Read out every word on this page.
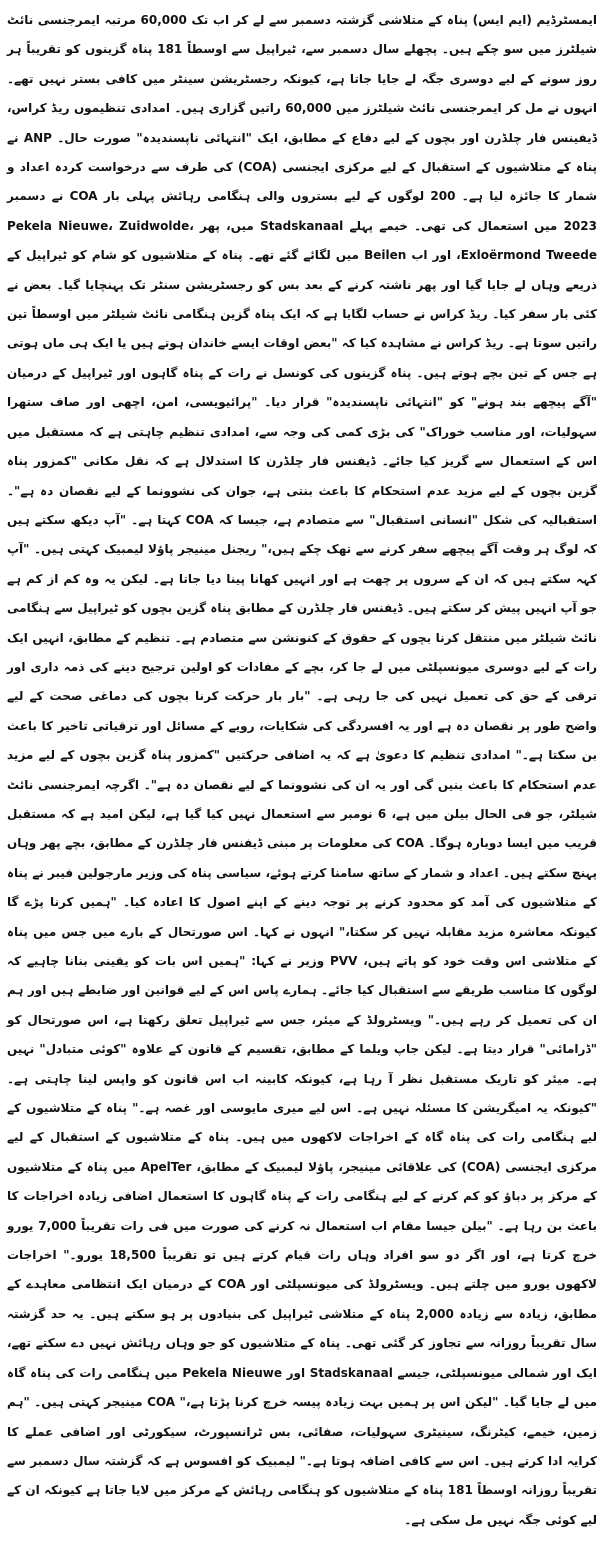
ایمسٹرڈیم (ایم ایس) پناہ کے متلاشی گزشتہ دسمبر سے لے کر اب تک 60,000 مرتبہ ایمرجنسی نائٹ شیلٹرز میں سو چکے ہیں۔ پچھلے سال دسمبر سے، ٹیراپیل سے اوسطاً 181 پناہ گزینوں کو تقریباً ہر روز سونے کے لیے دوسری جگہ لے جایا جاتا ہے، کیونکہ رجسٹریشن سینٹر میں کافی بستر نہیں تھے۔ انہوں نے مل کر ایمرجنسی نائٹ شیلٹرز میں 60,000 راتیں گزاری ہیں۔ امدادی تنظیموں ریڈ کراس، ڈیفینس فار چلڈرن اور بچوں کے لیے دفاع کے مطابق، ایک "انتہائی ناپسندیدہ" صورت حال۔ ANP نے پناہ کے متلاشیوں کے استقبال کے لیے مرکزی ایجنسی (COA) کی طرف سے درخواست کردہ اعداد و شمار کا جائزہ لیا ہے۔ 200 لوگوں کے لیے بستروں والی ہنگامی رہائش پہلی بار COA نے دسمبر 2023 میں استعمال کی تھی۔ خیمے پہلے Stadskanaal میں، پھر Pekela Nieuwe، Zuidwolde، Exloërmond Tweede، اور اب Beilen میں لگائے گئے تھے۔ پناہ کے متلاشیوں کو شام کو ٹیراپیل کے ذریعے وہاں لے جایا گیا اور پھر ناشتہ کرنے کے بعد بس کو رجسٹریشن سنٹر تک پہنچایا گیا۔ بعض نے کئی بار سفر کیا۔ ریڈ کراس نے حساب لگایا ہے کہ ایک پناہ گزین ہنگامی نائٹ شیلٹر میں اوسطاً تین راتیں سوتا ہے۔ ریڈ کراس نے مشاہدہ کیا کہ "بعض اوقات ایسے خاندان ہوتے ہیں یا ایک ہی ماں ہوتی ہے جس کے تین بچے ہوتے ہیں۔ پناہ گزینوں کی کونسل نے رات کے پناہ گاہوں اور ٹیراپیل کے درمیان "آگے پیچھے بند ہونے" کو "انتہائی ناپسندیدہ" قرار دیا۔ "پرائیویسی، امن، اچھی اور صاف ستھرا سہولیات، اور مناسب خوراک" کی بڑی کمی کی وجہ سے، امدادی تنظیم چاہتی ہے کہ مستقبل میں اس کے استعمال سے گریز کیا جائے۔ ڈیفنس فار چلڈرن کا استدلال ہے کہ نقل مکانی "کمزور پناہ گزین بچوں کے لیے مزید عدم استحکام کا باعث بنتی ہے، جوان کی نشوونما کے لیے نقصان دہ ہے"۔ استقبالیہ کی شکل "انسانی استقبال" سے متصادم ہے، جیسا کہ COA کہتا ہے۔ "آپ دیکھ سکتے ہیں کہ لوگ ہر وقت آگے پیچھے سفر کرنے سے تھک چکے ہیں،" ریجنل مینیجر پاؤلا لیمبیک کہتی ہیں۔ "آپ کہہ سکتے ہیں کہ ان کے سروں پر چھت ہے اور انہیں کھانا پینا دیا جاتا ہے۔ لیکن یہ وہ کم از کم ہے جو آپ انہیں پیش کر سکتے ہیں۔ ڈیفنس فار چلڈرن کے مطابق پناہ گزین بچوں کو ٹیراپیل سے ہنگامی نائٹ شیلٹر میں منتقل کرنا بچوں کے حقوق کے کنونشن سے متصادم ہے۔ تنظیم کے مطابق، انہیں ایک رات کے لیے دوسری میونسپلٹی میں لے جا کر، بچے کے مفادات کو اولین ترجیح دینے کی ذمہ داری اور ترقی کے حق کی تعمیل نہیں کی جا رہی ہے۔ "بار بار حرکت کرنا بچوں کی دماغی صحت کے لیے واضح طور پر نقصان دہ ہے اور یہ افسردگی کی شکایات، رویے کے مسائل اور ترقیاتی تاخیر کا باعث بن سکتا ہے۔" امدادی تنظیم کا دعویٰ ہے کہ یہ اضافی حرکتیں "کمزور پناہ گزین بچوں کے لیے مزید عدم استحکام کا باعث بنیں گی اور یہ ان کی نشوونما کے لیے نقصان دہ ہے"۔ اگرچہ ایمرجنسی نائٹ شیلٹر، جو فی الحال بیلن میں ہے، 6 نومبر سے استعمال نہیں کیا گیا ہے، لیکن امید ہے کہ مستقبل قریب میں ایسا دوبارہ ہوگا۔ COA کی معلومات پر مبنی ڈیفنس فار چلڈرن کے مطابق، بچے پھر وہاں پہنچ سکتے ہیں۔ اعداد و شمار کے ساتھ سامنا کرتے ہوئے، سیاسی پناہ کی وزیر مارجولین فیبر نے پناہ کے متلاشیوں کی آمد کو محدود کرنے پر توجہ دینے کے اپنے اصول کا اعادہ کیا۔ "ہمیں کرنا پڑے گا کیونکہ معاشرہ مزید مقابلہ نہیں کر سکتا،" انہوں نے کہا۔ اس صورتحال کے بارے میں جس میں پناہ کے متلاشی اس وقت خود کو پاتے ہیں، PVV وزیر نے کہا: "ہمیں اس بات کو یقینی بنانا چاہیے کہ لوگوں کا مناسب طریقے سے استقبال کیا جائے۔ ہمارے پاس اس کے لیے قوانین اور ضابطے ہیں اور ہم ان کی تعمیل کر رہے ہیں۔" ویسٹرولڈ کے میئر، جس سے ٹیراپیل تعلق رکھتا ہے، اس صورتحال کو "ڈرامائی" قرار دیتا ہے۔ لیکن جاپ ویلما کے مطابق، تقسیم کے قانون کے علاوہ "کوئی متبادل" نہیں ہے۔ میئر کو تاریک مستقبل نظر آ رہا ہے، کیونکہ کابینہ اب اس قانون کو واپس لینا چاہتی ہے۔ "کیونکہ یہ امیگریشن کا مسئلہ نہیں ہے۔ اس لیے میری مایوسی اور غصہ ہے۔" پناہ کے متلاشیوں کے لیے ہنگامی رات کی پناہ گاہ کے اخراجات لاکھوں میں ہیں۔ پناہ کے متلاشیوں کے استقبال کے لیے مرکزی ایجنسی (COA) کی علاقائی مینیجر، پاؤلا لیمبیک کے مطابق، ApelTer میں پناہ کے متلاشیوں کے مرکز پر دباؤ کو کم کرنے کے لیے ہنگامی رات کے پناہ گاہوں کا استعمال اضافی زیادہ اخراجات کا باعث بن رہا ہے۔ "بیلن جیسا مقام اب استعمال نہ کرنے کی صورت میں فی رات تقریباً 7,000 یورو خرچ کرتا ہے، اور اگر دو سو افراد وہاں رات قیام کرتے ہیں تو تقریباً 18,500 یورو۔" اخراجات لاکھوں یورو میں چلتے ہیں۔ ویسٹرولڈ کی میونسپلٹی اور COA کے درمیان ایک انتظامی معاہدے کے مطابق، زیادہ سے زیادہ 2,000 پناہ کے متلاشی ٹیراپیل کی بنیادوں پر ہو سکتے ہیں۔ یہ حد گزشتہ سال تقریباً روزانہ سے تجاوز کر گئی تھی۔ پناہ کے متلاشیوں کو جو وہاں رہائش نہیں دے سکتے تھے، ایک اور شمالی میونسپلٹی، جیسے Stadskanaal اور Pekela Nieuwe میں ہنگامی رات کی پناہ گاہ میں لے جایا گیا۔ "لیکن اس پر ہمیں بہت زیادہ پیسہ خرچ کرنا پڑتا ہے،" COA مینیجر کہتی ہیں۔ "ہم زمین، خیمے، کیٹرنگ، سینیٹری سہولیات، صفائی، بس ٹرانسپورٹ، سیکورٹی اور اضافی عملے کا کرایہ ادا کرتے ہیں۔ اس سے کافی اضافہ ہوتا ہے۔" لیمبیک کو افسوس ہے کہ گزشتہ سال دسمبر سے تقریباً روزانہ اوسطاً 181 پناہ کے متلاشیوں کو ہنگامی رہائش کے مرکز میں لایا جاتا ہے کیونکہ ان کے لیے کوئی جگہ نہیں مل سکی ہے۔
